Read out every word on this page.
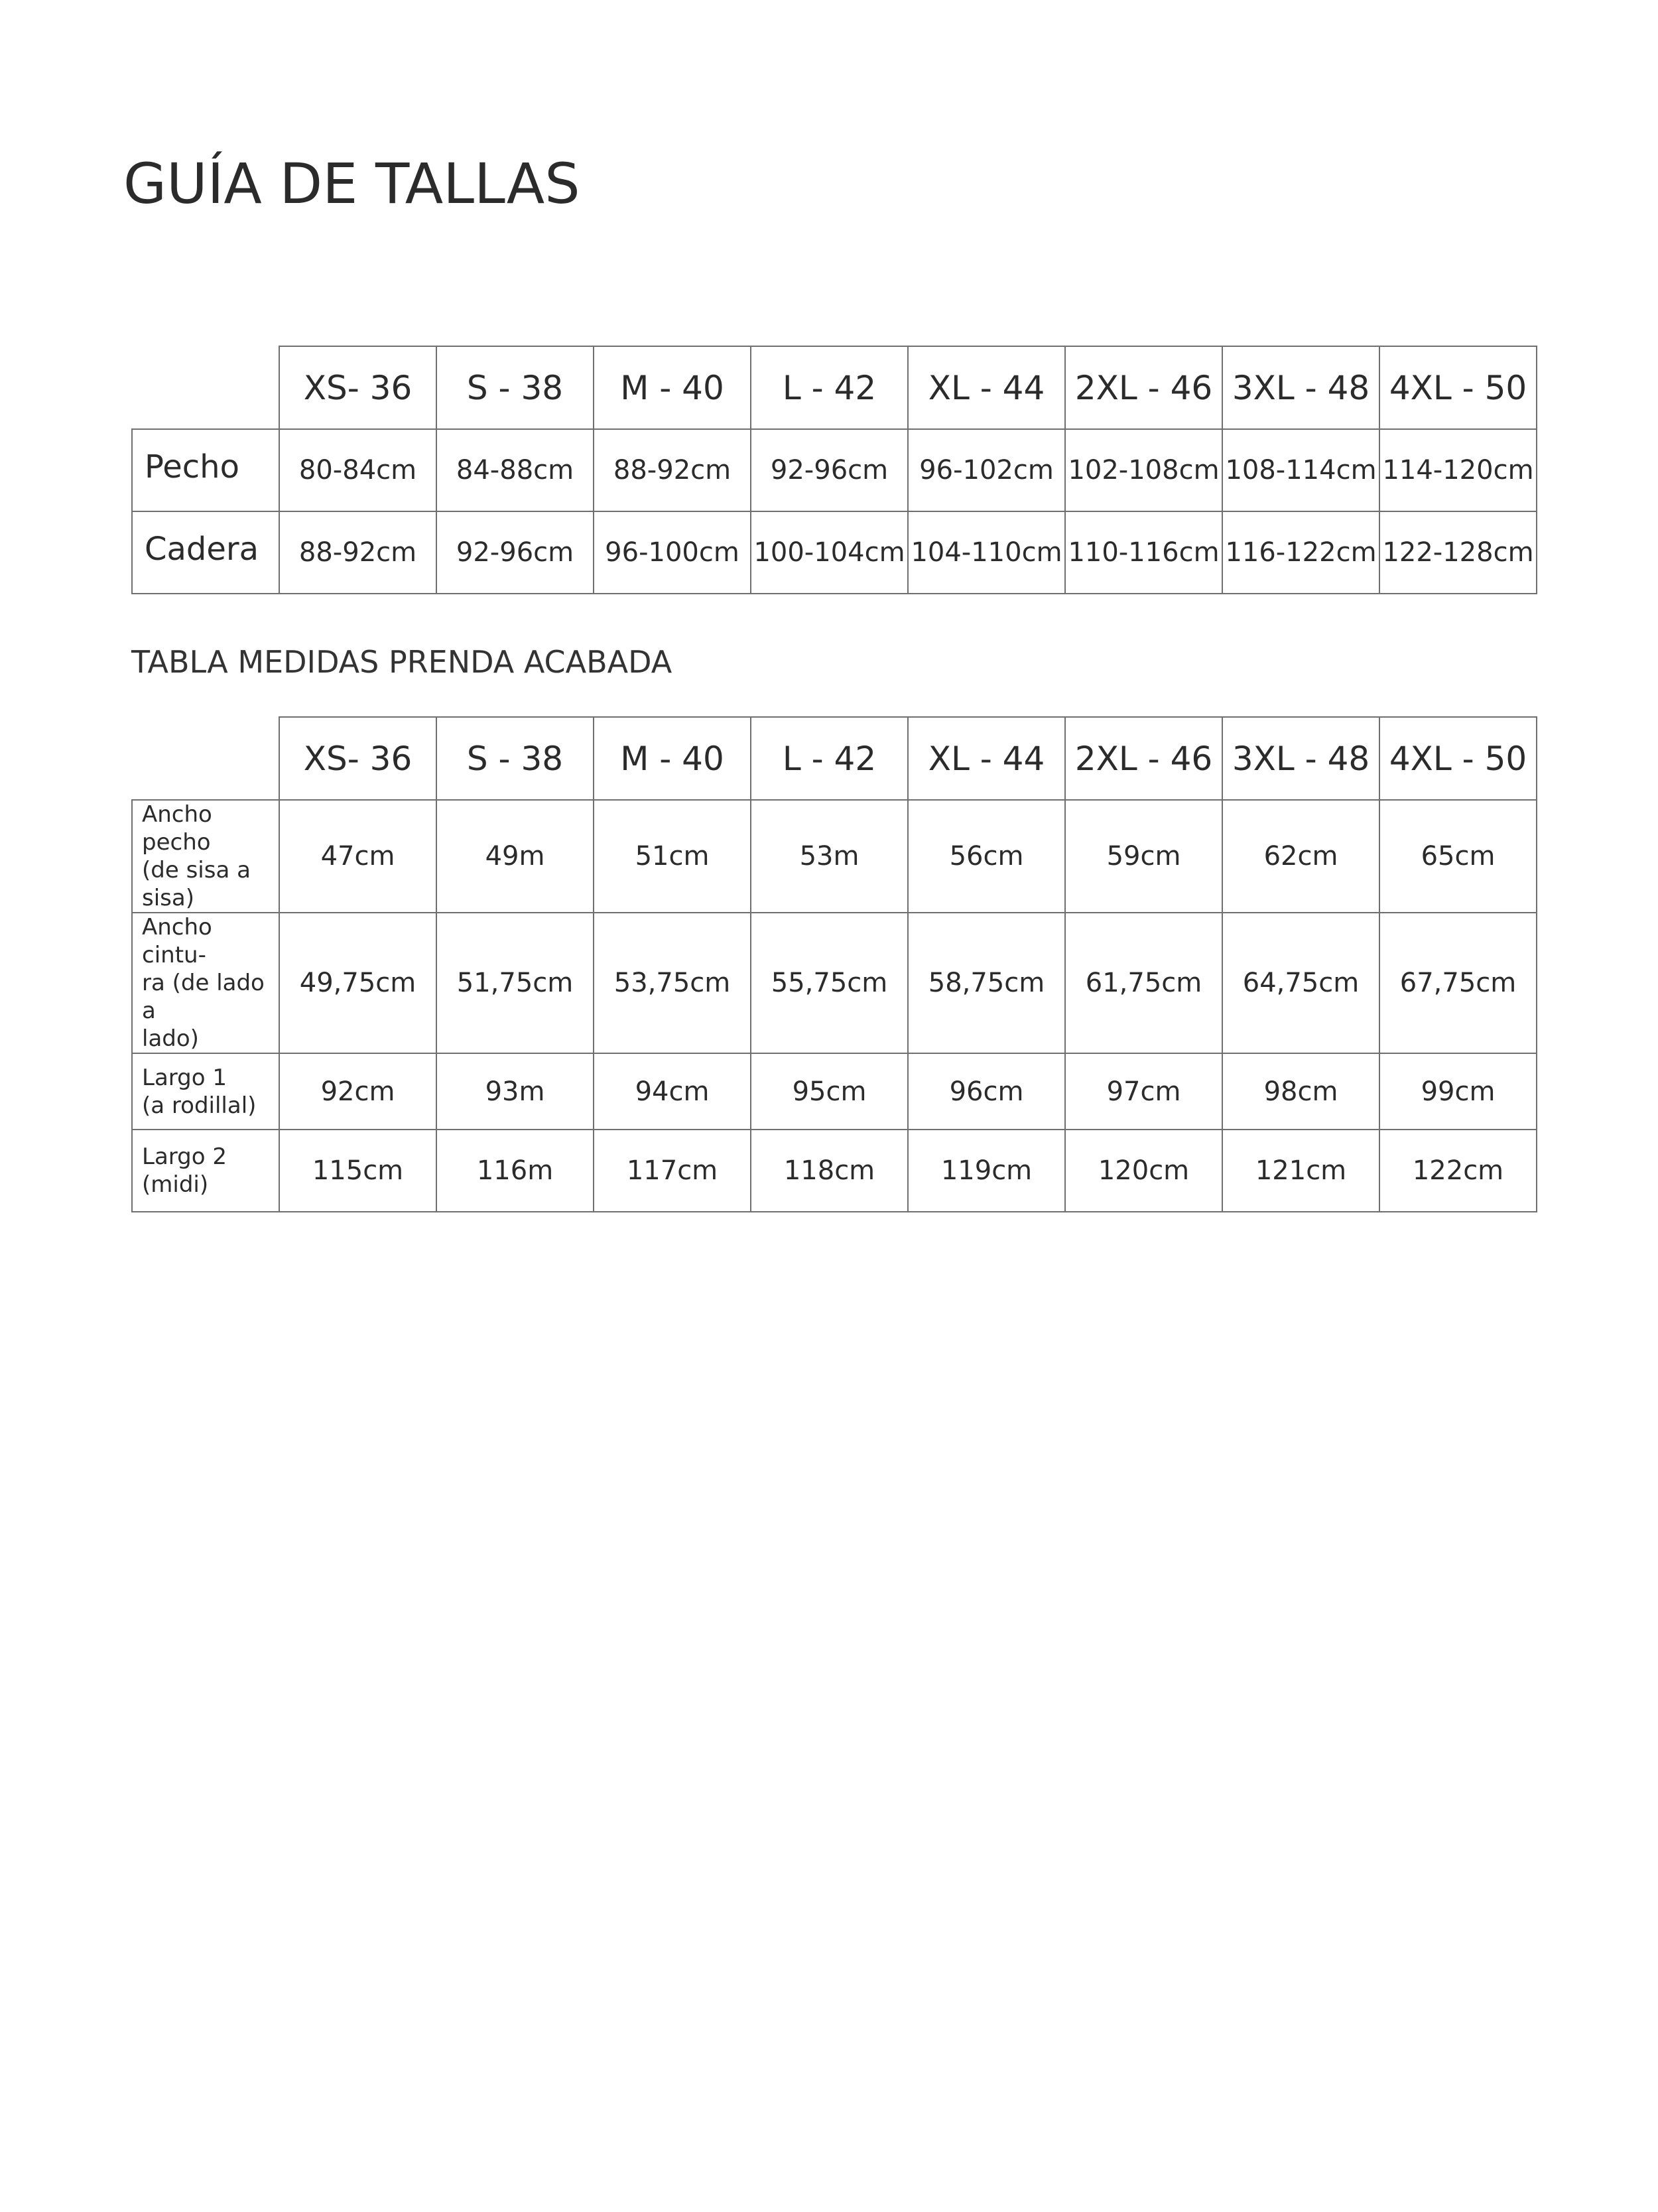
GUÍA DE TALLAS
	XS- 36	S - 38	M - 40	L - 42	XL - 44	2XL - 46	3XL - 48	4XL - 50
Pecho	80-84cm	84-88cm	88-92cm	92-96cm	96-102cm	102-108cm	108-114cm	114-120cm
Cadera	88-92cm	92-96cm	96-100cm	100-104cm	104-110cm	110-116cm	116-122cm	122-128cm
TABLA MEDIDAS PRENDA ACABADA
	XS- 36	S - 38	M - 40	L - 42	XL - 44	2XL - 46	3XL - 48	4XL - 50
Ancho pecho
(de sisa a
sisa)	47cm	49m	51cm	53m	56cm	59cm	62cm	65cm
Ancho cintu-
ra (de lado a
lado)	49,75cm	51,75cm	53,75cm	55,75cm	58,75cm	61,75cm	64,75cm	67,75cm
Largo 1
(a rodillal)	92cm	93m	94cm	95cm	96cm	97cm	98cm	99cm
Largo 2
(midi)	115cm	116m	117cm	118cm	119cm	120cm	121cm	122cm
